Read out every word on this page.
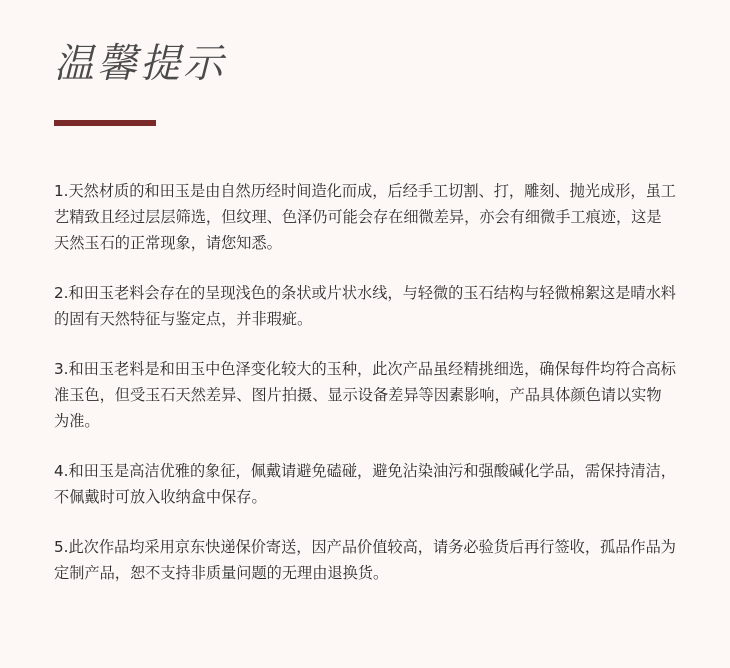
温馨提示

1.天然材质的和田玉是由自然历经时间造化而成，后经手工切割、打，雕刻、抛光成形，虽工艺精致且经过层层筛选，但纹理、色泽仍可能会存在细微差异，亦会有细微手工痕迹，这是天然玉石的正常现象，请您知悉。

2.和田玉老料会存在的呈现浅色的条状或片状水线，与轻微的玉石结构与轻微棉絮这是晴水料的固有天然特征与鉴定点，并非瑕疵。

3.和田玉老料是和田玉中色泽变化较大的玉种，此次产品虽经精挑细选，确保每件均符合高标准玉色，但受玉石天然差异、图片拍摄、显示设备差异等因素影响，产品具体颜色请以实物为准。

4.和田玉是高洁优雅的象征，佩戴请避免磕碰，避免沾染油污和强酸碱化学品，需保持清洁，不佩戴时可放入收纳盒中保存。

5.此次作品均采用京东快递保价寄送，因产品价值较高，请务必验货后再行签收，孤品作品为定制产品，恕不支持非质量问题的无理由退换货。
